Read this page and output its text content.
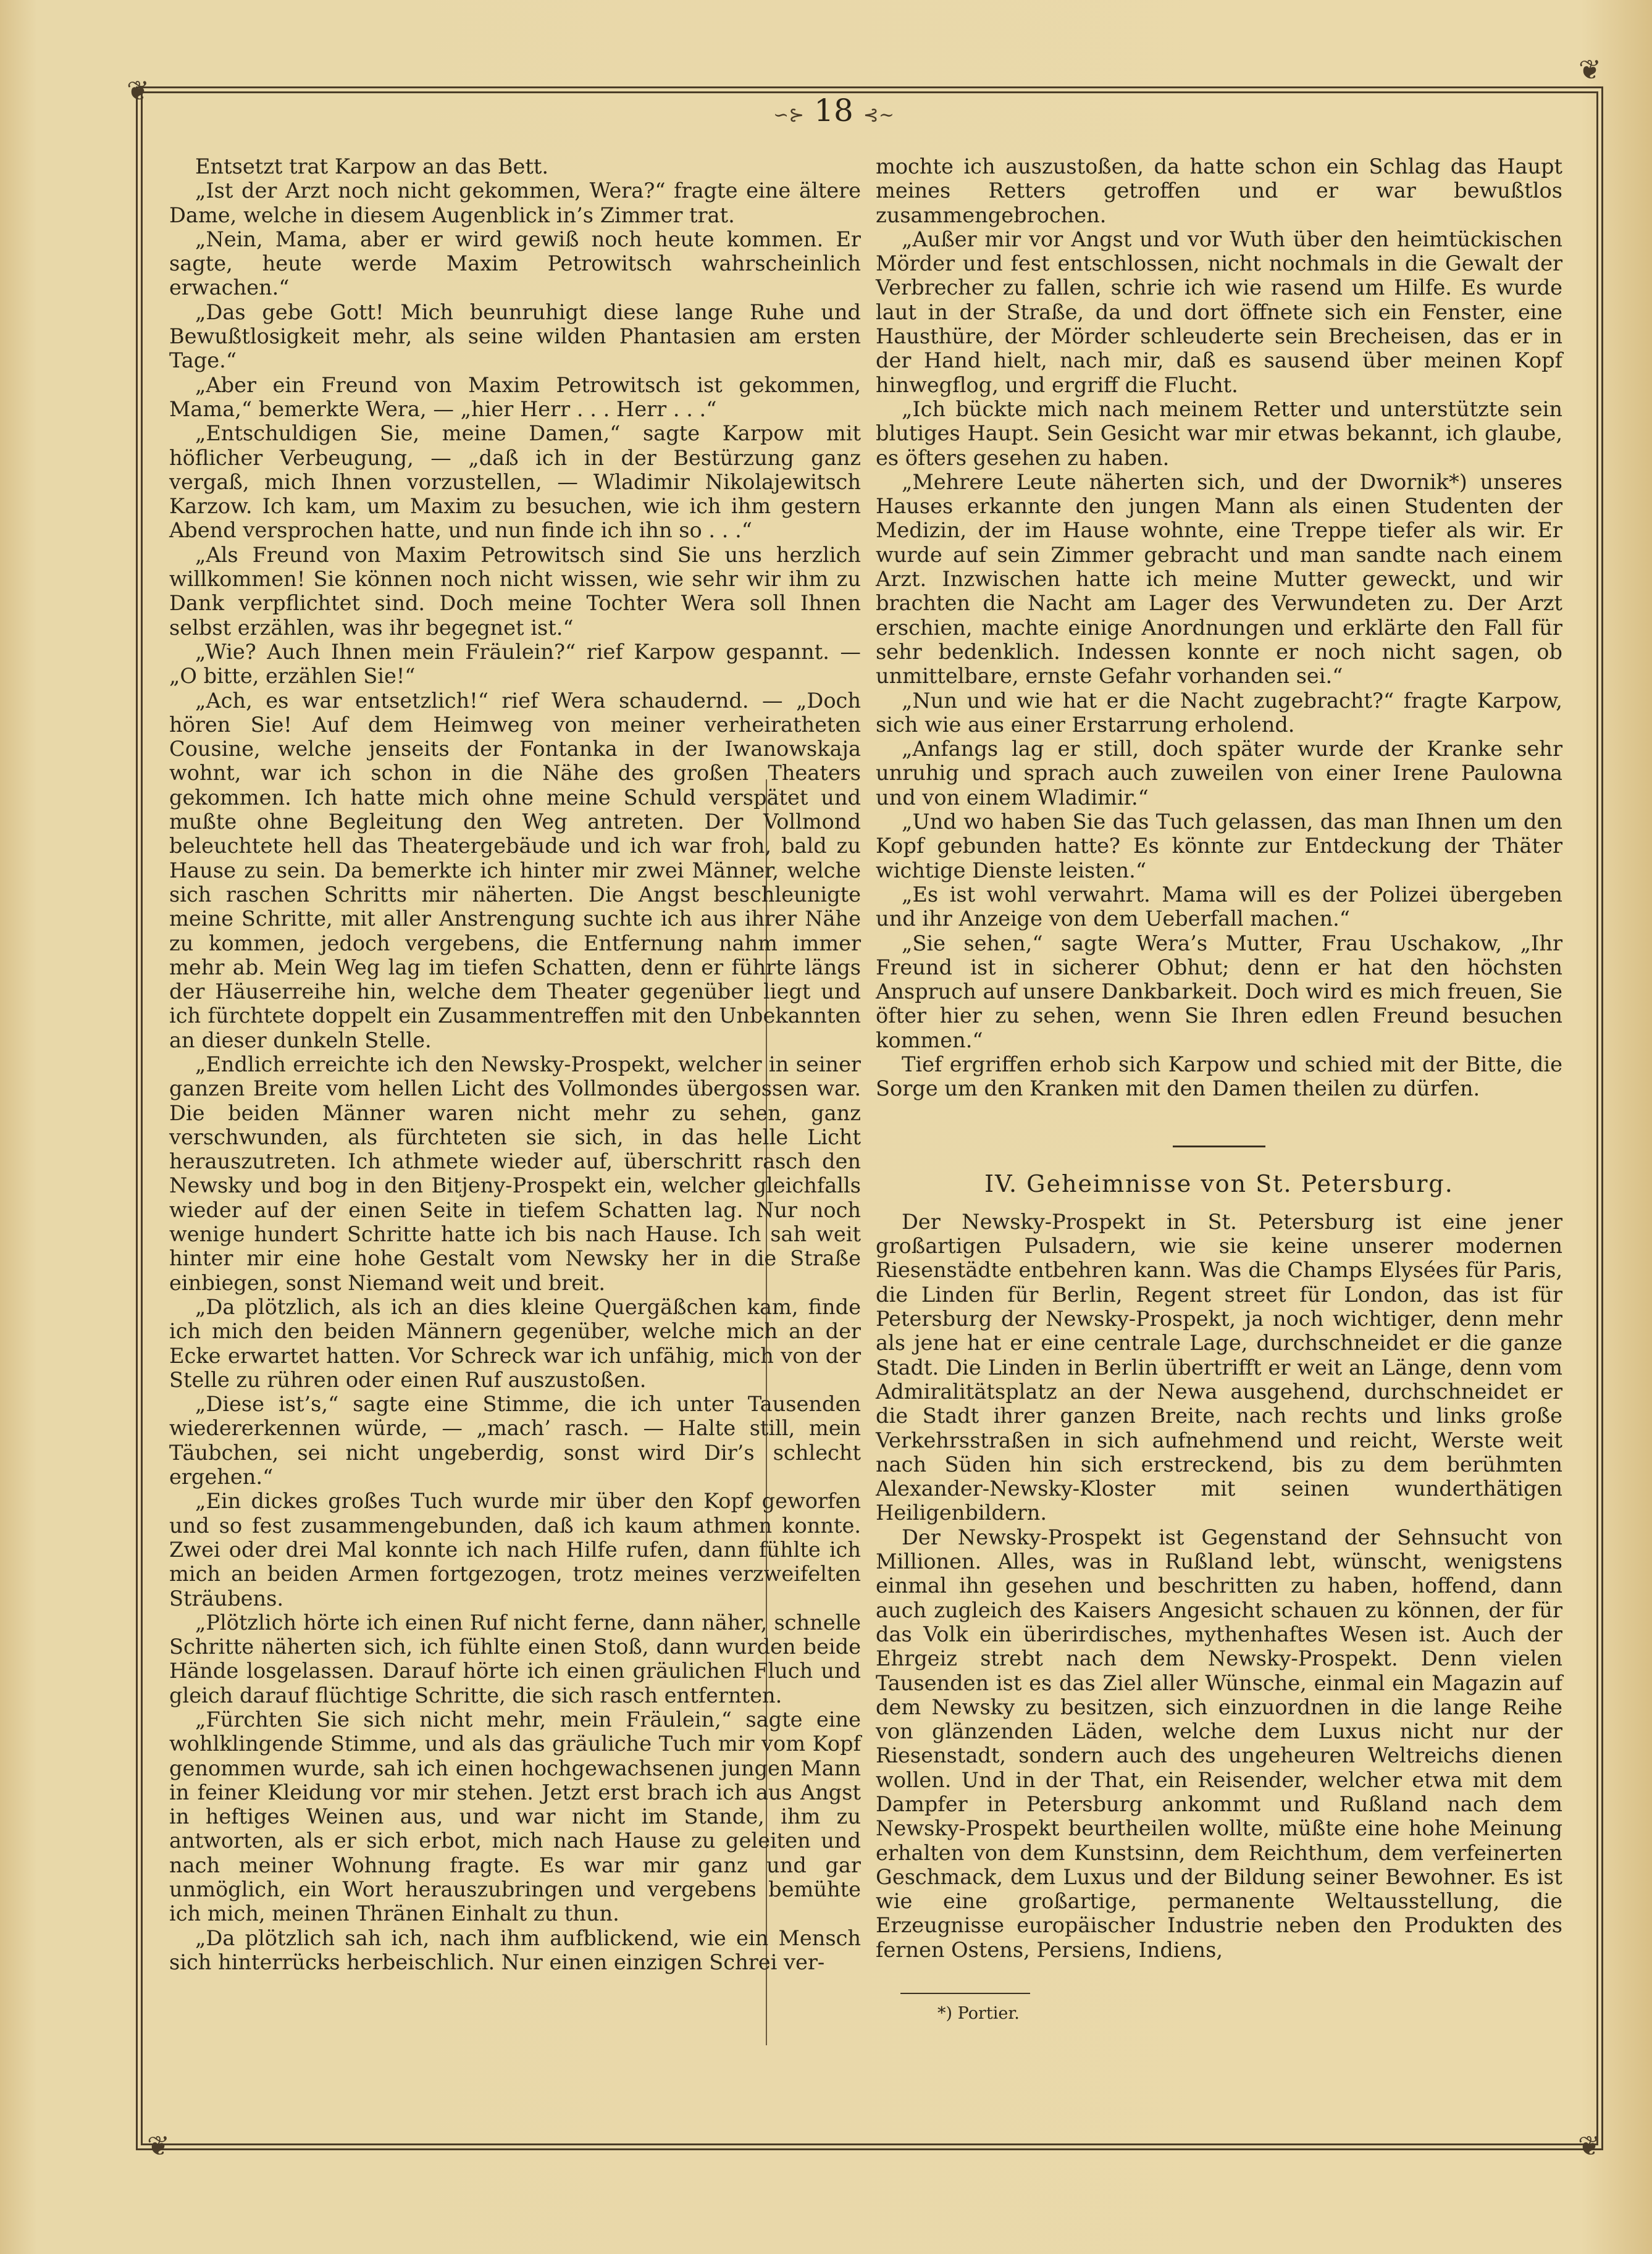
❦
❦
❦	❦
∽⊱ 18 ⊰∼

Entsetzt trat Karpow an das Bett.

„Ist der Arzt noch nicht gekommen, Wera?“ fragte eine ältere Dame, welche in diesem Augenblick in’s Zimmer trat.

„Nein, Mama, aber er wird gewiß noch heute kommen. Er sagte, heute werde Maxim Petrowitsch wahrscheinlich erwachen.“

„Das gebe Gott! Mich beunruhigt diese lange Ruhe und Bewußtlosigkeit mehr, als seine wilden Phantasien am ersten Tage.“

„Aber ein Freund von Maxim Petrowitsch ist gekommen, Mama,“ bemerkte Wera, — „hier Herr . . . Herr . . .“

„Entschuldigen Sie, meine Damen,“ sagte Karpow mit höflicher Verbeugung, — „daß ich in der Bestürzung ganz vergaß, mich Ihnen vorzustellen, — Wladimir Nikolajewitsch Karzow. Ich kam, um Maxim zu besuchen, wie ich ihm gestern Abend versprochen hatte, und nun finde ich ihn so . . .“

„Als Freund von Maxim Petrowitsch sind Sie uns herzlich willkommen! Sie können noch nicht wissen, wie sehr wir ihm zu Dank verpflichtet sind. Doch meine Tochter Wera soll Ihnen selbst erzählen, was ihr begegnet ist.“

„Wie? Auch Ihnen mein Fräulein?“ rief Karpow gespannt. — „O bitte, erzählen Sie!“

„Ach, es war entsetzlich!“ rief Wera schaudernd. — „Doch hören Sie! Auf dem Heimweg von meiner verheiratheten Cousine, welche jenseits der Fontanka in der Iwanowskaja wohnt, war ich schon in die Nähe des großen Theaters gekommen. Ich hatte mich ohne meine Schuld verspätet und mußte ohne Begleitung den Weg antreten. Der Vollmond beleuchtete hell das Theatergebäude und ich war froh, bald zu Hause zu sein. Da bemerkte ich hinter mir zwei Männer, welche sich raschen Schritts mir näherten. Die Angst beschleunigte meine Schritte, mit aller Anstrengung suchte ich aus ihrer Nähe zu kommen, jedoch vergebens, die Entfernung nahm immer mehr ab. Mein Weg lag im tiefen Schatten, denn er führte längs der Häuserreihe hin, welche dem Theater gegenüber liegt und ich fürchtete doppelt ein Zusammentreffen mit den Unbekannten an dieser dunkeln Stelle.

„Endlich erreichte ich den Newsky-Prospekt, welcher in seiner ganzen Breite vom hellen Licht des Vollmondes übergossen war. Die beiden Männer waren nicht mehr zu sehen, ganz verschwunden, als fürchteten sie sich, in das helle Licht herauszutreten. Ich athmete wieder auf, überschritt rasch den Newsky und bog in den Bitjeny-Prospekt ein, welcher gleichfalls wieder auf der einen Seite in tiefem Schatten lag. Nur noch wenige hundert Schritte hatte ich bis nach Hause. Ich sah weit hinter mir eine hohe Gestalt vom Newsky her in die Straße einbiegen, sonst Niemand weit und breit.

„Da plötzlich, als ich an dies kleine Quergäßchen kam, finde ich mich den beiden Männern gegenüber, welche mich an der Ecke erwartet hatten. Vor Schreck war ich unfähig, mich von der Stelle zu rühren oder einen Ruf auszustoßen.

„Diese ist’s,“ sagte eine Stimme, die ich unter Tausenden wiedererkennen würde, — „mach’ rasch. — Halte still, mein Täubchen, sei nicht ungeberdig, sonst wird Dir’s schlecht ergehen.“

„Ein dickes großes Tuch wurde mir über den Kopf geworfen und so fest zusammengebunden, daß ich kaum athmen konnte. Zwei oder drei Mal konnte ich nach Hilfe rufen, dann fühlte ich mich an beiden Armen fortgezogen, trotz meines verzweifelten Sträubens.

„Plötzlich hörte ich einen Ruf nicht ferne, dann näher, schnelle Schritte näherten sich, ich fühlte einen Stoß, dann wurden beide Hände losgelassen. Darauf hörte ich einen gräulichen Fluch und gleich darauf flüchtige Schritte, die sich rasch entfernten.

„Fürchten Sie sich nicht mehr, mein Fräulein,“ sagte eine wohlklingende Stimme, und als das gräuliche Tuch mir vom Kopf genommen wurde, sah ich einen hochgewachsenen jungen Mann in feiner Kleidung vor mir stehen. Jetzt erst brach ich aus Angst in heftiges Weinen aus, und war nicht im Stande, ihm zu antworten, als er sich erbot, mich nach Hause zu geleiten und nach meiner Wohnung fragte. Es war mir ganz und gar unmöglich, ein Wort herauszubringen und vergebens bemühte ich mich, meinen Thränen Einhalt zu thun.

„Da plötzlich sah ich, nach ihm aufblickend, wie ein Mensch sich hinterrücks herbeischlich. Nur einen einzigen Schrei ver-

mochte ich auszustoßen, da hatte schon ein Schlag das Haupt meines Retters getroffen und er war bewußtlos zusammengebrochen.

„Außer mir vor Angst und vor Wuth über den heimtückischen Mörder und fest entschlossen, nicht nochmals in die Gewalt der Verbrecher zu fallen, schrie ich wie rasend um Hilfe. Es wurde laut in der Straße, da und dort öffnete sich ein Fenster, eine Hausthüre, der Mörder schleuderte sein Brecheisen, das er in der Hand hielt, nach mir, daß es sausend über meinen Kopf hinwegflog, und ergriff die Flucht.

„Ich bückte mich nach meinem Retter und unterstützte sein blutiges Haupt. Sein Gesicht war mir etwas bekannt, ich glaube, es öfters gesehen zu haben.

„Mehrere Leute näherten sich, und der Dwornik*) unseres Hauses erkannte den jungen Mann als einen Studenten der Medizin, der im Hause wohnte, eine Treppe tiefer als wir. Er wurde auf sein Zimmer gebracht und man sandte nach einem Arzt. Inzwischen hatte ich meine Mutter geweckt, und wir brachten die Nacht am Lager des Verwundeten zu. Der Arzt erschien, machte einige Anordnungen und erklärte den Fall für sehr bedenklich. Indessen konnte er noch nicht sagen, ob unmittelbare, ernste Gefahr vorhanden sei.“

„Nun und wie hat er die Nacht zugebracht?“ fragte Karpow, sich wie aus einer Erstarrung erholend.

„Anfangs lag er still, doch später wurde der Kranke sehr unruhig und sprach auch zuweilen von einer Irene Paulowna und von einem Wladimir.“

„Und wo haben Sie das Tuch gelassen, das man Ihnen um den Kopf gebunden hatte? Es könnte zur Entdeckung der Thäter wichtige Dienste leisten.“

„Es ist wohl verwahrt. Mama will es der Polizei übergeben und ihr Anzeige von dem Ueberfall machen.“

„Sie sehen,“ sagte Wera’s Mutter, Frau Uschakow, „Ihr Freund ist in sicherer Obhut; denn er hat den höchsten Anspruch auf unsere Dankbarkeit. Doch wird es mich freuen, Sie öfter hier zu sehen, wenn Sie Ihren edlen Freund besuchen kommen.“

Tief ergriffen erhob sich Karpow und schied mit der Bitte, die Sorge um den Kranken mit den Damen theilen zu dürfen.

IV. Geheimnisse von St. Petersburg.

Der Newsky-Prospekt in St. Petersburg ist eine jener großartigen Pulsadern, wie sie keine unserer modernen Riesenstädte entbehren kann. Was die Champs Elysées für Paris, die Linden für Berlin, Regent street für London, das ist für Petersburg der Newsky-Prospekt, ja noch wichtiger, denn mehr als jene hat er eine centrale Lage, durchschneidet er die ganze Stadt. Die Linden in Berlin übertrifft er weit an Länge, denn vom Admiralitätsplatz an der Newa ausgehend, durchschneidet er die Stadt ihrer ganzen Breite, nach rechts und links große Verkehrsstraßen in sich aufnehmend und reicht, Werste weit nach Süden hin sich erstreckend, bis zu dem berühmten Alexander-Newsky-Kloster mit seinen wunderthätigen Heiligenbildern.

Der Newsky-Prospekt ist Gegenstand der Sehnsucht von Millionen. Alles, was in Rußland lebt, wünscht, wenigstens einmal ihn gesehen und beschritten zu haben, hoffend, dann auch zugleich des Kaisers Angesicht schauen zu können, der für das Volk ein überirdisches, mythenhaftes Wesen ist. Auch der Ehrgeiz strebt nach dem Newsky-Prospekt. Denn vielen Tausenden ist es das Ziel aller Wünsche, einmal ein Magazin auf dem Newsky zu besitzen, sich einzuordnen in die lange Reihe von glänzenden Läden, welche dem Luxus nicht nur der Riesenstadt, sondern auch des ungeheuren Weltreichs dienen wollen. Und in der That, ein Reisender, welcher etwa mit dem Dampfer in Petersburg ankommt und Rußland nach dem Newsky-Prospekt beurtheilen wollte, müßte eine hohe Meinung erhalten von dem Kunstsinn, dem Reichthum, dem verfeinerten Geschmack, dem Luxus und der Bildung seiner Bewohner. Es ist wie eine großartige, permanente Weltausstellung, die Erzeugnisse europäischer Industrie neben den Produkten des fernen Ostens, Persiens, Indiens,

*) Portier.
